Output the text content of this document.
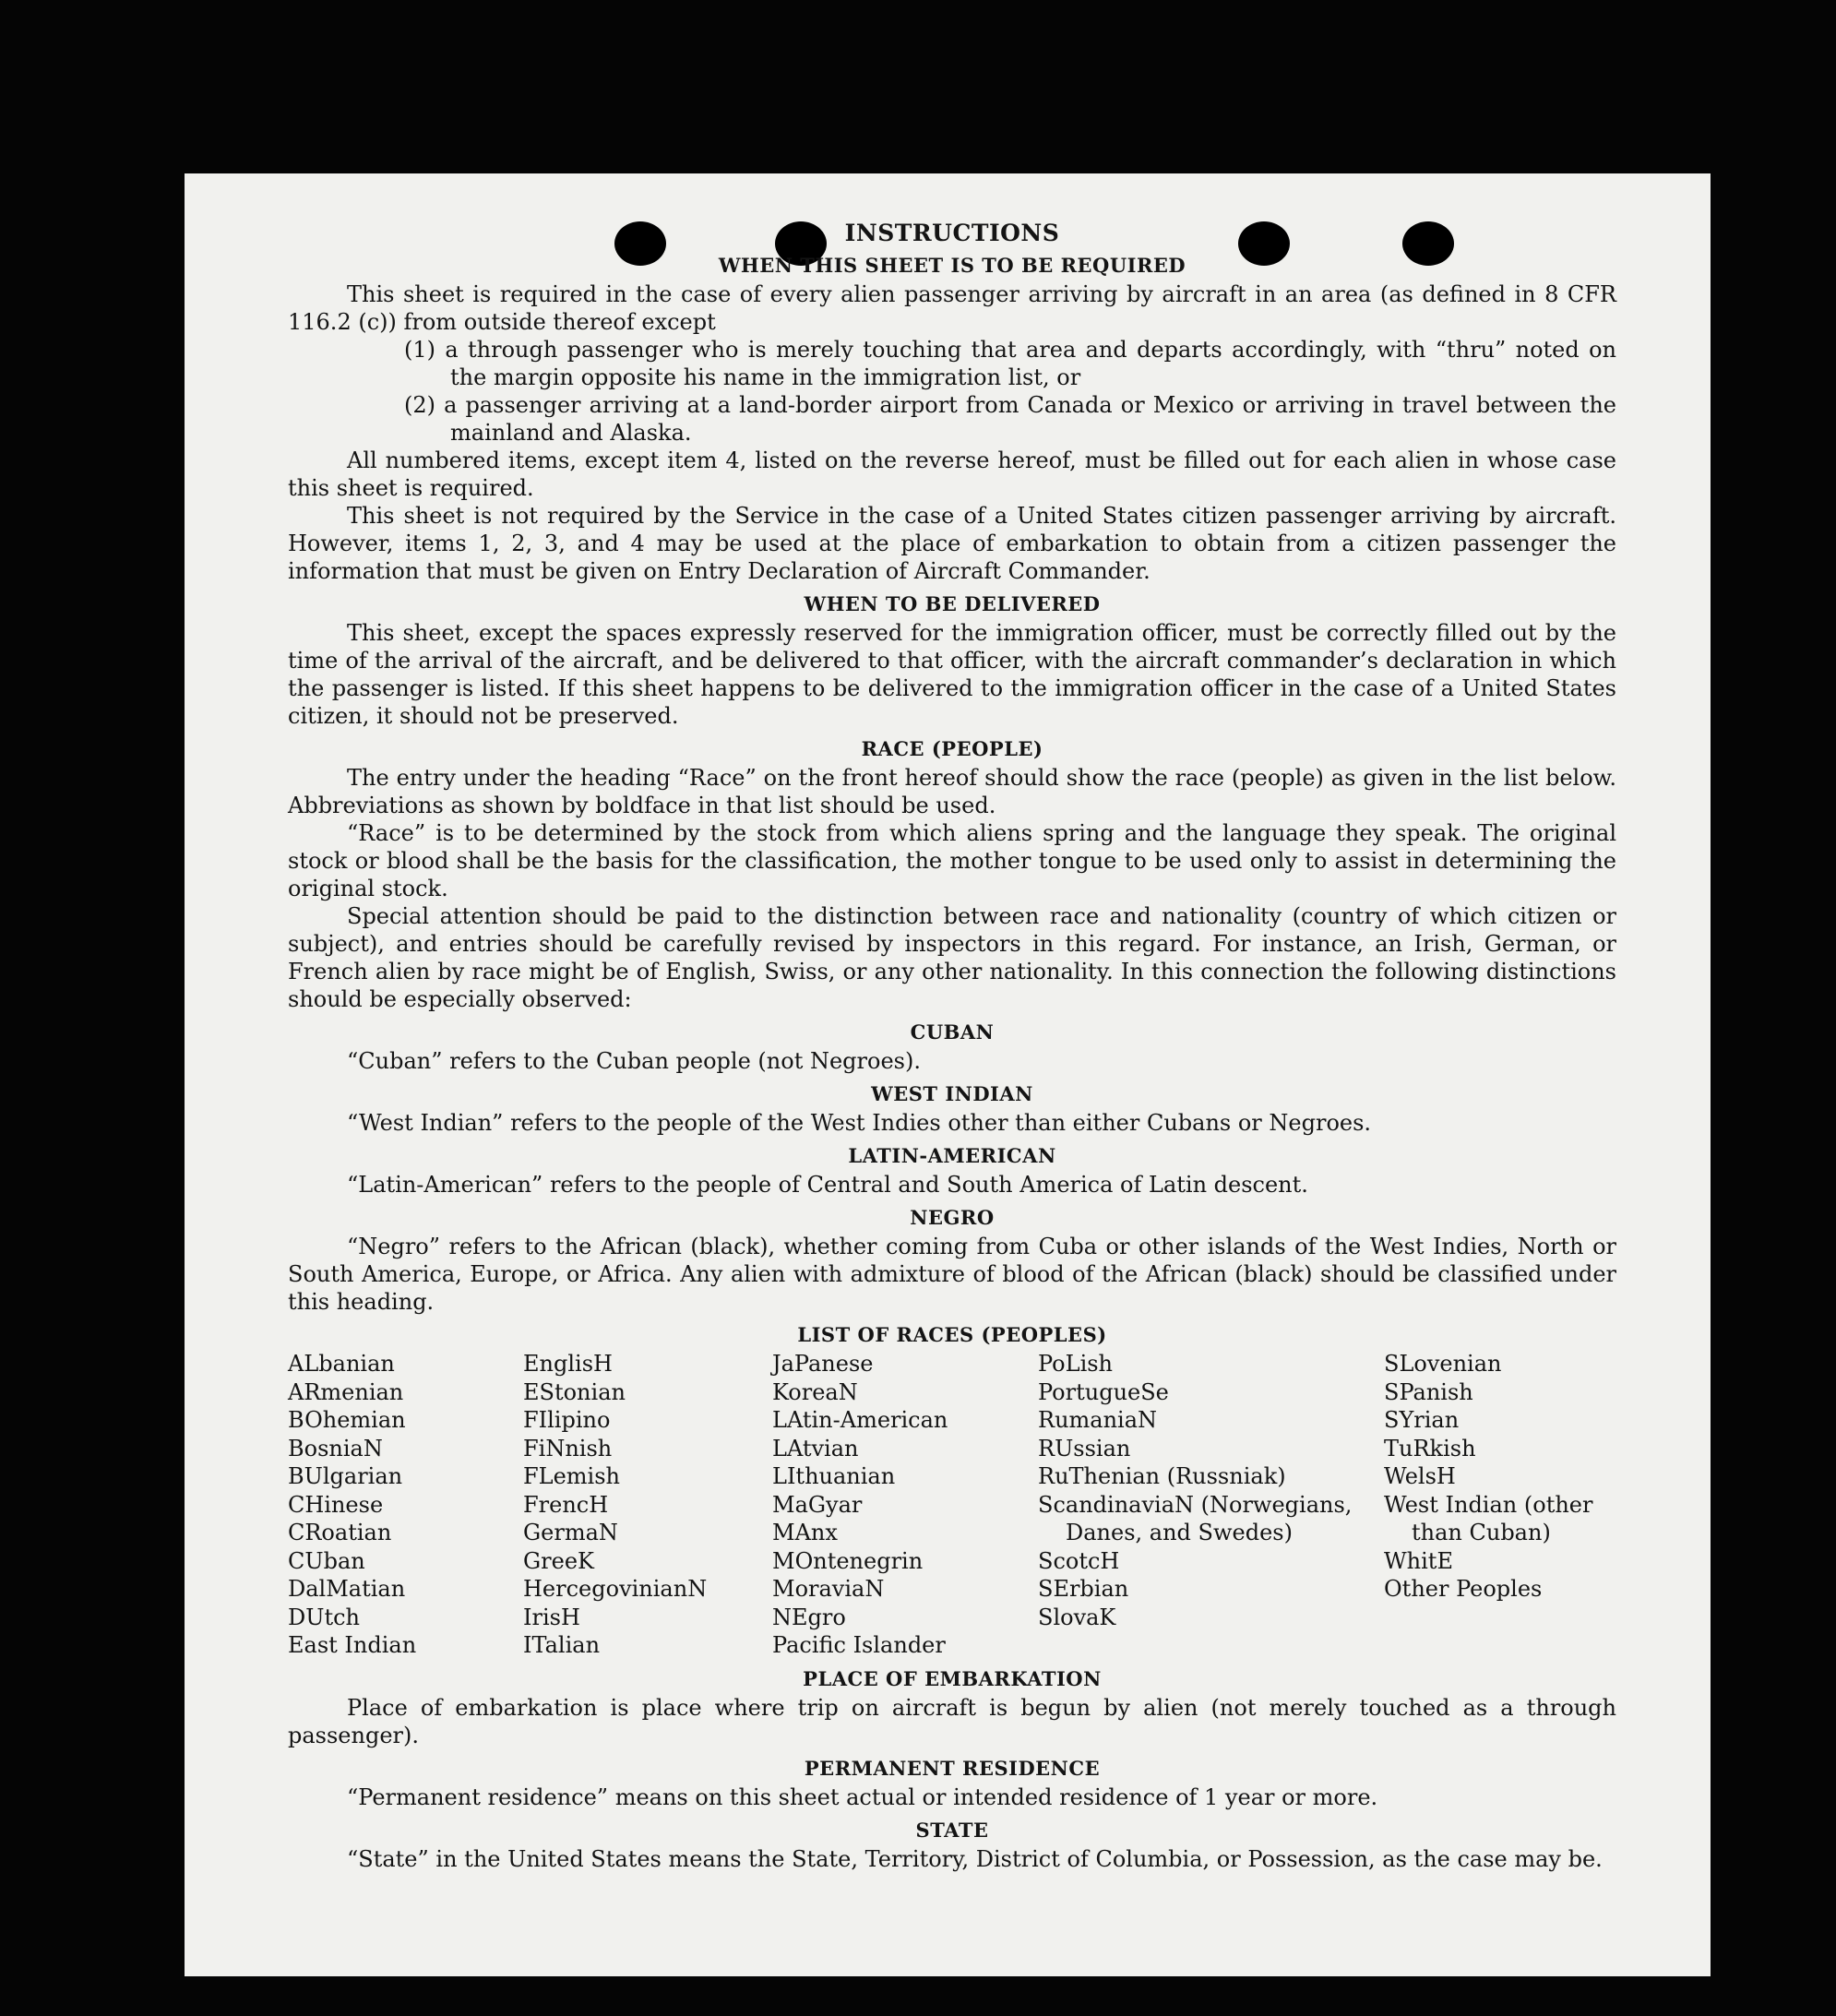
INSTRUCTIONS
WHEN THIS SHEET IS TO BE REQUIRED

This sheet is required in the case of every alien passenger arriving by aircraft in an area (as defined in 8 CFR 116.2 (c)) from outside thereof except

(1) a through passenger who is merely touching that area and departs accordingly, with “thru” noted on the margin opposite his name in the immigration list, or

(2) a passenger arriving at a land-border airport from Canada or Mexico or arriving in travel between the mainland and Alaska.

All numbered items, except item 4, listed on the reverse hereof, must be filled out for each alien in whose case this sheet is required.

This sheet is not required by the Service in the case of a United States citizen passenger arriving by aircraft. However, items 1, 2, 3, and 4 may be used at the place of embarkation to obtain from a citizen passenger the information that must be given on Entry Declaration of Aircraft Commander.

WHEN TO BE DELIVERED

This sheet, except the spaces expressly reserved for the immigration officer, must be correctly filled out by the time of the arrival of the aircraft, and be delivered to that officer, with the aircraft commander’s declaration in which the passenger is listed. If this sheet happens to be delivered to the immigration officer in the case of a United States citizen, it should not be preserved.

RACE (PEOPLE)

The entry under the heading “Race” on the front hereof should show the race (people) as given in the list below. Abbreviations as shown by boldface in that list should be used.

“Race” is to be determined by the stock from which aliens spring and the language they speak. The original stock or blood shall be the basis for the classification, the mother tongue to be used only to assist in determining the original stock.

Special attention should be paid to the distinction between race and nationality (country of which citizen or subject), and entries should be carefully revised by inspectors in this regard. For instance, an Irish, German, or French alien by race might be of English, Swiss, or any other nationality. In this connection the following distinctions should be especially observed:

CUBAN

“Cuban” refers to the Cuban people (not Negroes).

WEST INDIAN

“West Indian” refers to the people of the West Indies other than either Cubans or Negroes.

LATIN-AMERICAN

“Latin-American” refers to the people of Central and South America of Latin descent.

NEGRO

“Negro” refers to the African (black), whether coming from Cuba or other islands of the West Indies, North or South America, Europe, or Africa. Any alien with admixture of blood of the African (black) should be classified under this heading.

LIST OF RACES (PEOPLES)
ALbanian
ARmenian
BOhemian
BosniaN
BUlgarian
CHinese
CRoatian
CUban
DalMatian
DUtch
East Indian
EnglisH
EStonian
FIlipino
FiNnish
FLemish
FrencH
GermaN
GreeK
HercegovinianN
IrisH
ITalian
JaPanese
KoreaN
LAtin-American
LAtvian
LIthuanian
MaGyar
MAnx
MOntenegrin
MoraviaN
NEgro
Pacific Islander
PoLish
PortugueSe
RumaniaN
RUssian
RuThenian (Russniak)
ScandinaviaN (Norwegians, Danes, and Swedes)
ScotcH
SErbian
SlovaK
SLovenian
SPanish
SYrian
TuRkish
WelsH
West Indian (other than Cuban)
WhitE
Other Peoples
PLACE OF EMBARKATION

Place of embarkation is place where trip on aircraft is begun by alien (not merely touched as a through passenger).

PERMANENT RESIDENCE

“Permanent residence” means on this sheet actual or intended residence of 1 year or more.

STATE

“State” in the United States means the State, Territory, District of Columbia, or Possession, as the case may be.
